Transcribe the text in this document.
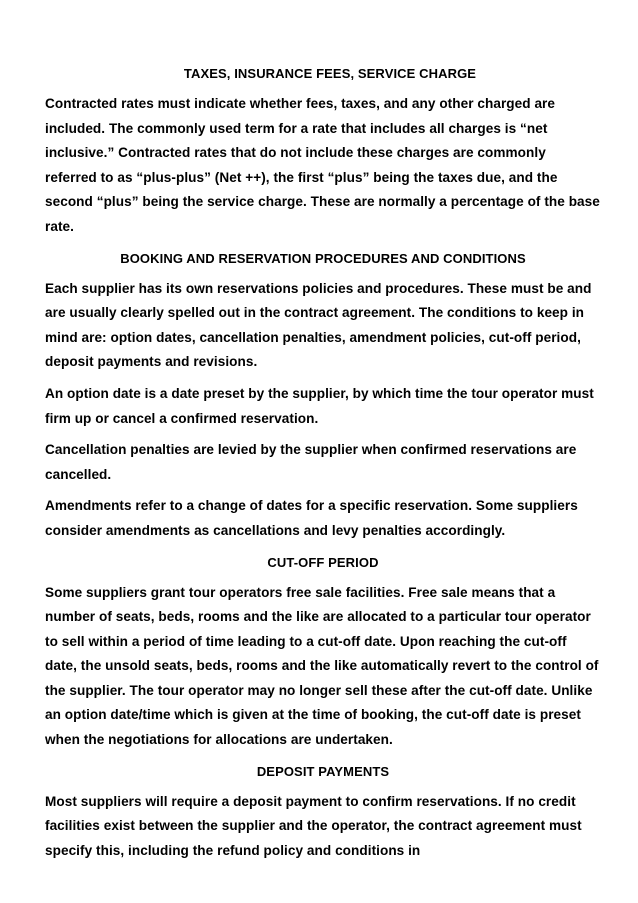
TAXES, INSURANCE FEES, SERVICE CHARGE

Contracted rates must indicate whether fees, taxes, and any other charged are included. The commonly used term for a rate that includes all charges is “net inclusive.” Contracted rates that do not include these charges are commonly referred to as “plus-plus” (Net ++), the first “plus” being the taxes due, and the second “plus” being the service charge. These are normally a percentage of the base rate.

BOOKING AND RESERVATION PROCEDURES AND CONDITIONS

Each supplier has its own reservations policies and procedures. These must be and are usually clearly spelled out in the contract agreement. The conditions to keep in mind are: option dates, cancellation penalties, amendment policies, cut-off period, deposit payments and revisions.

An option date is a date preset by the supplier, by which time the tour operator must firm up or cancel a confirmed reservation.

Cancellation penalties are levied by the supplier when confirmed reservations are cancelled.

Amendments refer to a change of dates for a specific reservation. Some suppliers consider amendments as cancellations and levy penalties accordingly.

CUT-OFF PERIOD

Some suppliers grant tour operators free sale facilities. Free sale means that a number of seats, beds, rooms and the like are allocated to a particular tour operator to sell within a period of time leading to a cut-off date. Upon reaching the cut-off date, the unsold seats, beds, rooms and the like automatically revert to the control of the supplier. The tour operator may no longer sell these after the cut-off date. Unlike an option date/time which is given at the time of booking, the cut-off date is preset when the negotiations for allocations are undertaken.

DEPOSIT PAYMENTS

Most suppliers will require a deposit payment to confirm reservations. If no credit facilities exist between the supplier and the operator, the contract agreement must specify this, including the refund policy and conditions in
